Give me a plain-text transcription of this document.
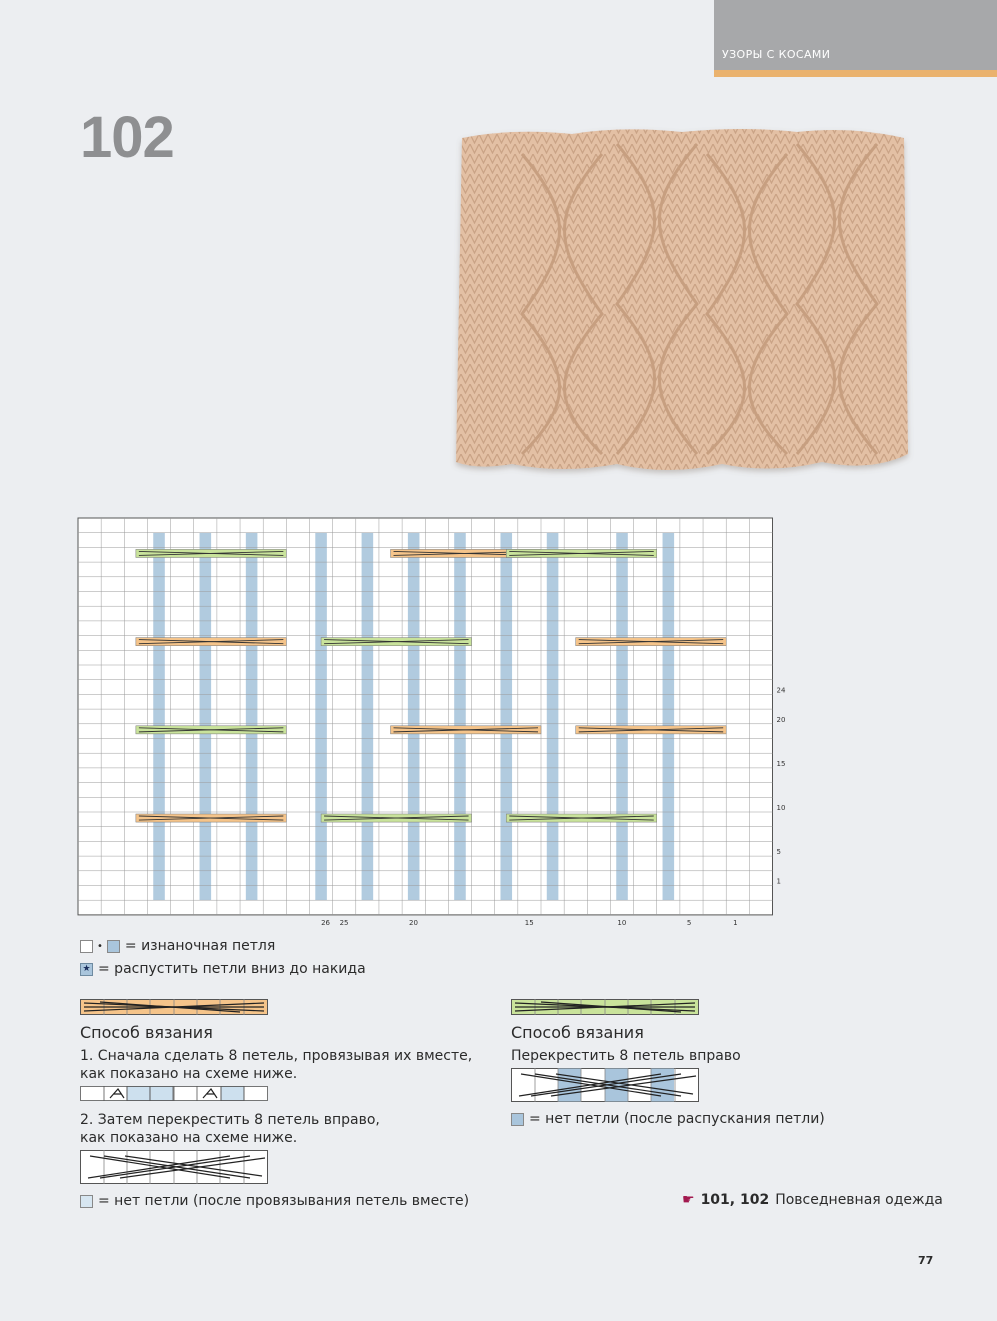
УЗОРЫ С КОСАМИ
102
24
20
15
10
5
1
26 25	20	15	10	5	1
• = изнаночная петля
★ = распустить петли вниз до накида
Способ вязания
1. Сначала сделать 8 петель, провязывая их вместе,
как показано на схеме ниже.
2. Затем перекрестить 8 петель вправо,
как показано на схеме ниже.
= нет петли (после провязывания петель вместе)
Способ вязания
Перекрестить 8 петель вправо
= нет петли (после распускания петли)
☛ 101, 102 Повседневная одежда
77
